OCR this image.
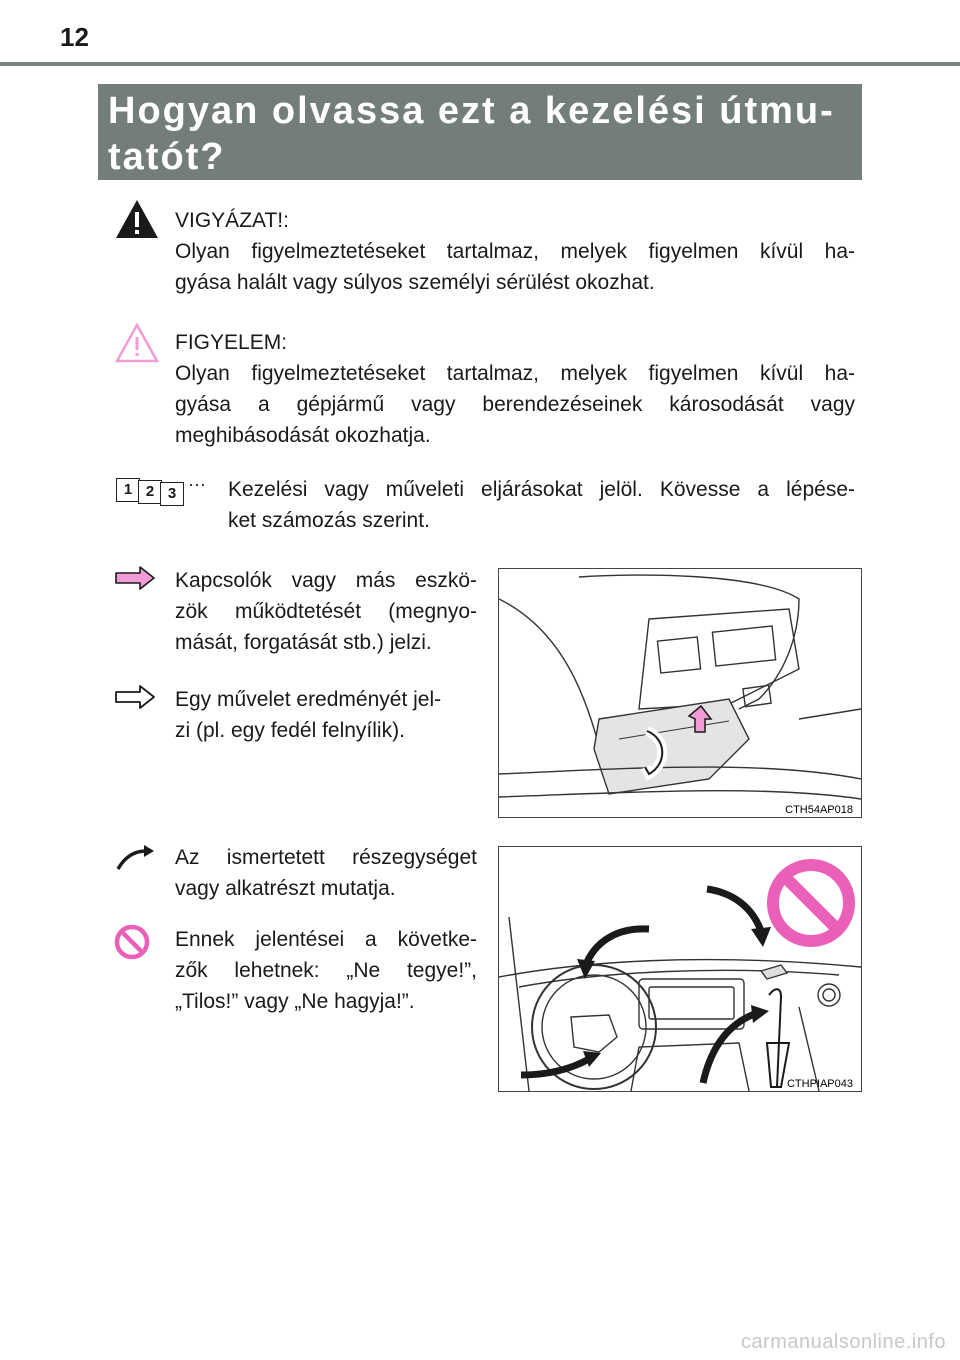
12
Hogyan olvassa ezt a kezelési útmu-
tatót?
VIGYÁZAT!:
Olyan figyelmeztetéseket tartalmaz, melyek figyelmen kívül ha-
gyása halált vagy súlyos személyi sérülést okozhat.
FIGYELEM:
Olyan figyelmeztetéseket tartalmaz, melyek figyelmen kívül ha-
gyása a gépjármű vagy berendezéseinek károsodását vagy
meghibásodását okozhatja.
1 2 3 ··· Kezelési vagy műveleti eljárásokat jelöl. Kövesse a lépése-
ket számozás szerint.
Kapcsolók vagy más eszkö-
zök működtetését (megnyo-
mását, forgatását stb.) jelzi.
Egy művelet eredményét jel-
zi (pl. egy fedél felnyílik).
CTH54AP018
Az ismertetett részegységet
vagy alkatrészt mutatja.
Ennek jelentései a követke-
zők lehetnek: „Ne tegye!”,
„Tilos!” vagy „Ne hagyja!”.
CTHPIAP043
carmanualsonline.info
